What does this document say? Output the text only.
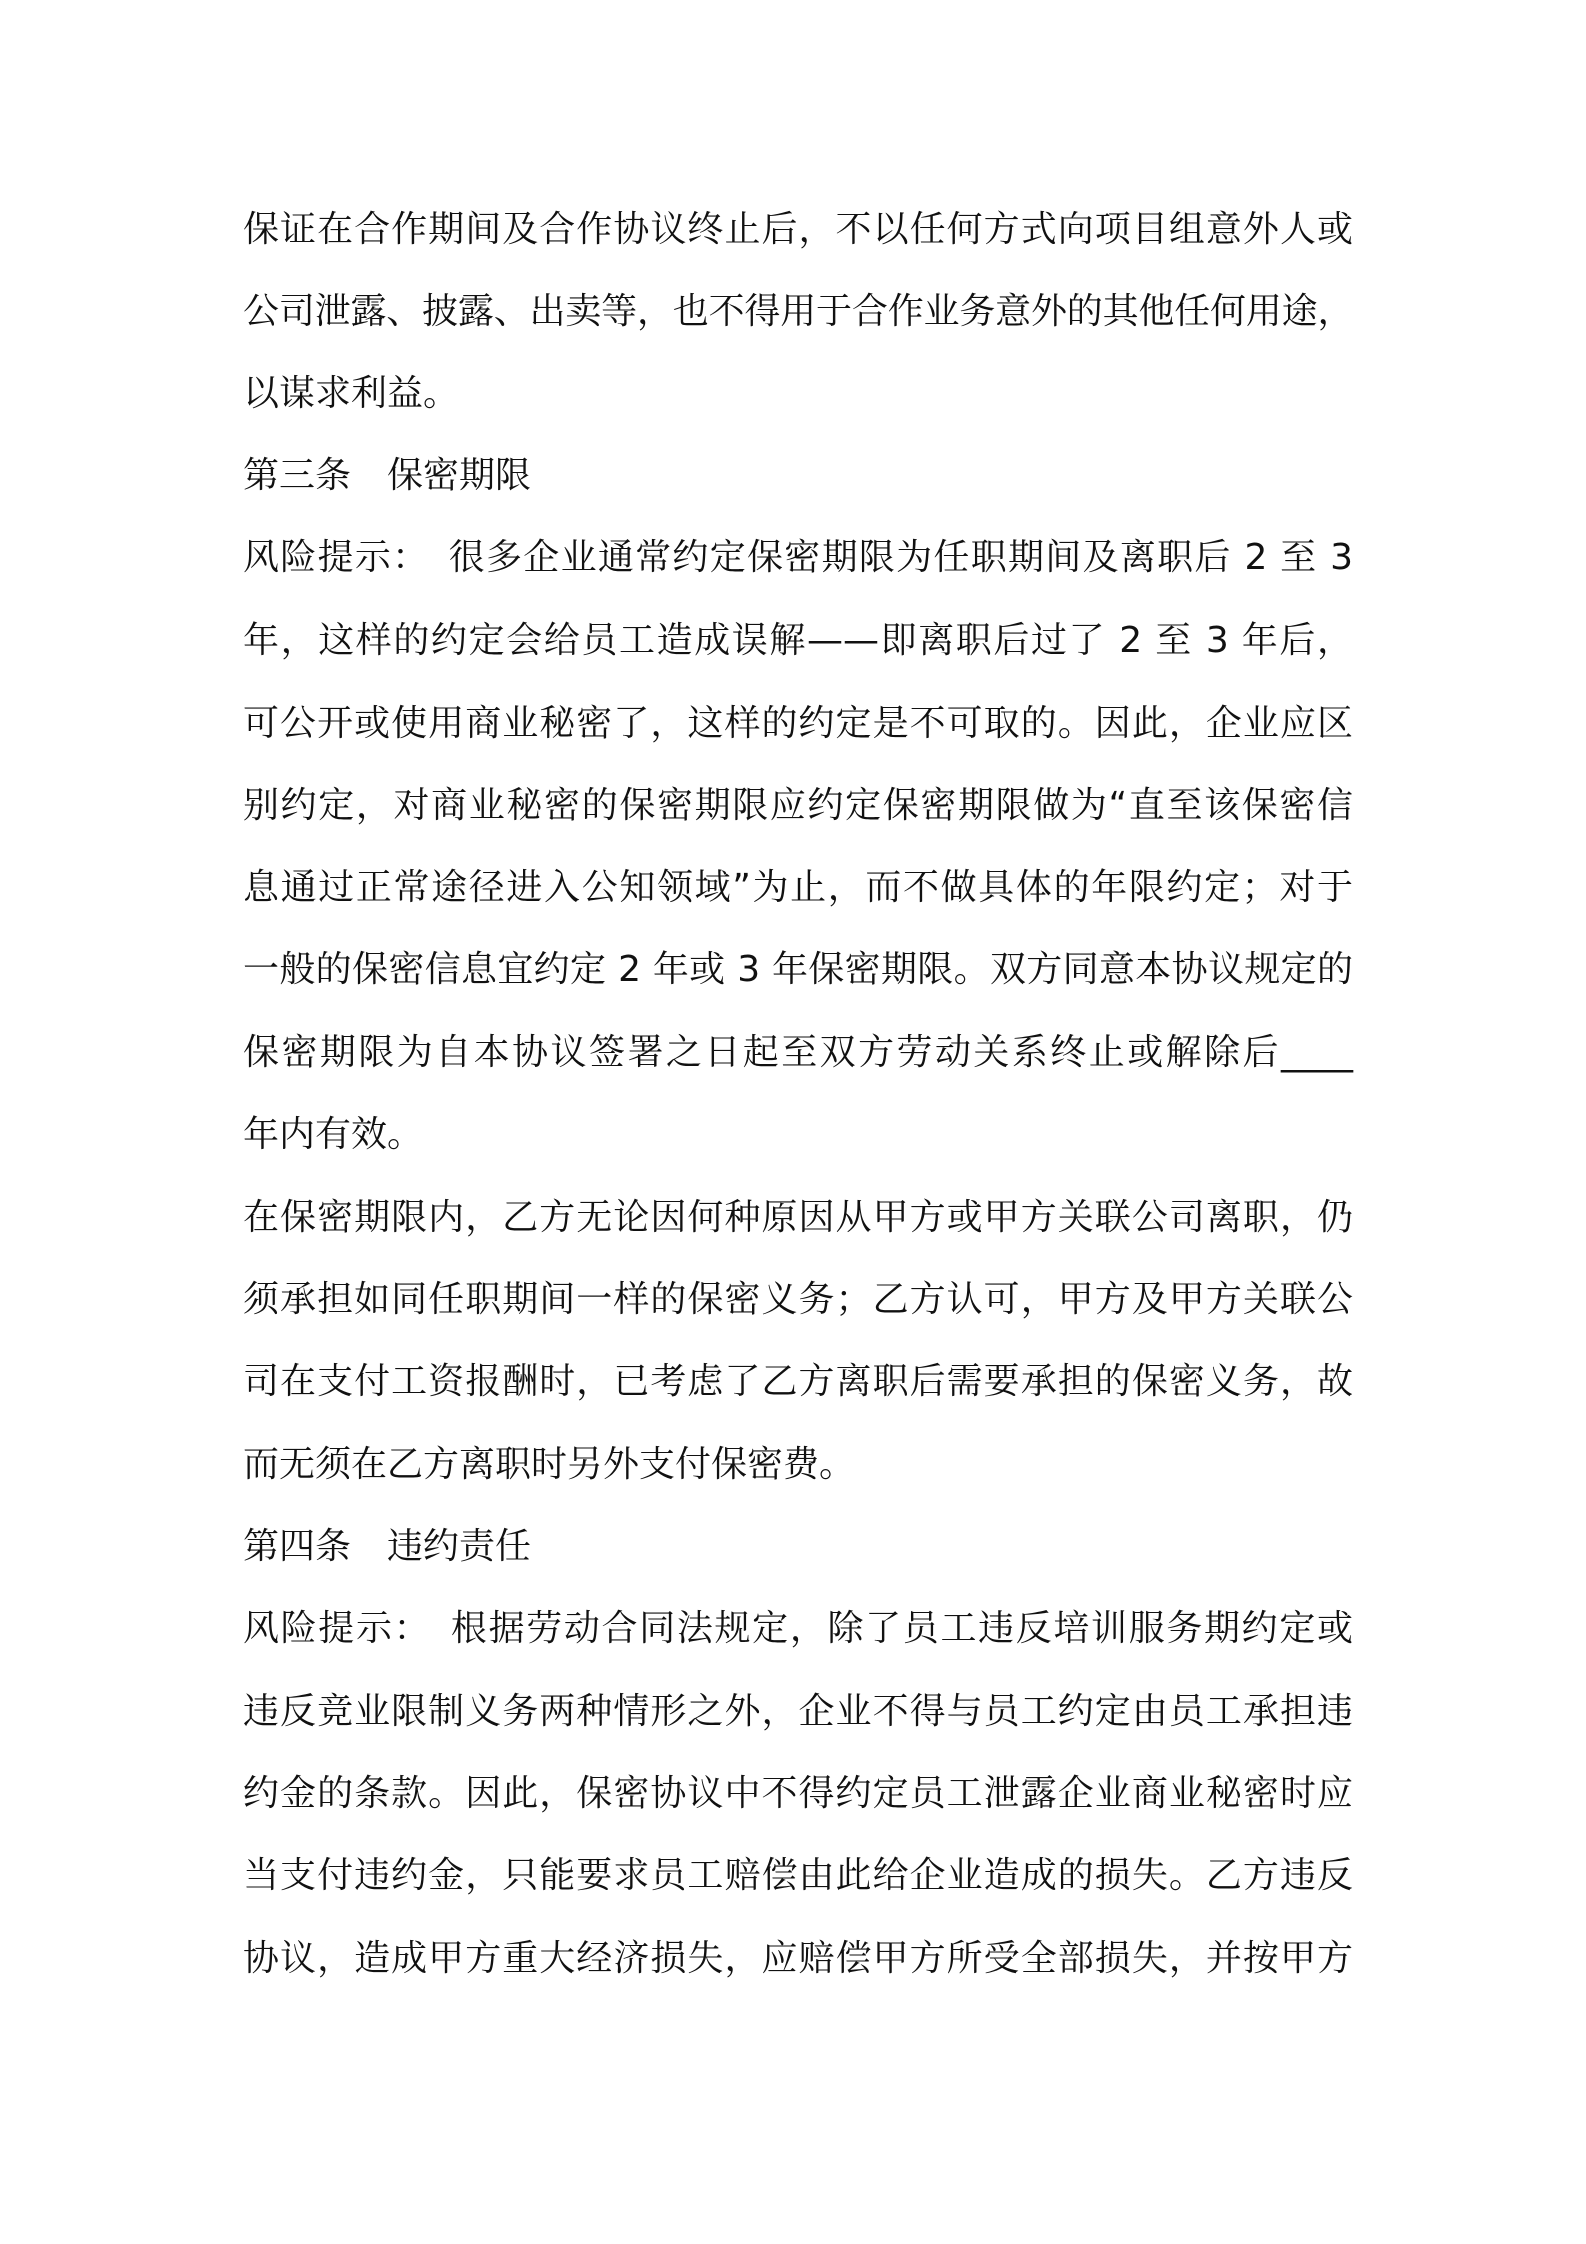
保证在合作期间及合作协议终止后，不以任何方式向项目组意外人或
公司泄露、披露、出卖等，也不得用于合作业务意外的其他任何用途，
以谋求利益。
第三条　保密期限
风险提示：　很多企业通常约定保密期限为任职期间及离职后 2 至 3
年，这样的约定会给员工造成误解——即离职后过了 2 至 3 年后，
可公开或使用商业秘密了，这样的约定是不可取的。因此，企业应区
别约定，对商业秘密的保密期限应约定保密期限做为“直至该保密信
息通过正常途径进入公知领域”为止，而不做具体的年限约定；对于
一般的保密信息宜约定 2 年或 3 年保密期限。双方同意本协议规定的
保密期限为自本协议签署之日起至双方劳动关系终止或解除后____
年内有效。
在保密期限内，乙方无论因何种原因从甲方或甲方关联公司离职，仍
须承担如同任职期间一样的保密义务；乙方认可，甲方及甲方关联公
司在支付工资报酬时，已考虑了乙方离职后需要承担的保密义务，故
而无须在乙方离职时另外支付保密费。
第四条　违约责任
风险提示：　根据劳动合同法规定，除了员工违反培训服务期约定或
违反竞业限制义务两种情形之外，企业不得与员工约定由员工承担违
约金的条款。因此，保密协议中不得约定员工泄露企业商业秘密时应
当支付违约金，只能要求员工赔偿由此给企业造成的损失。乙方违反
协议，造成甲方重大经济损失，应赔偿甲方所受全部损失，并按甲方
